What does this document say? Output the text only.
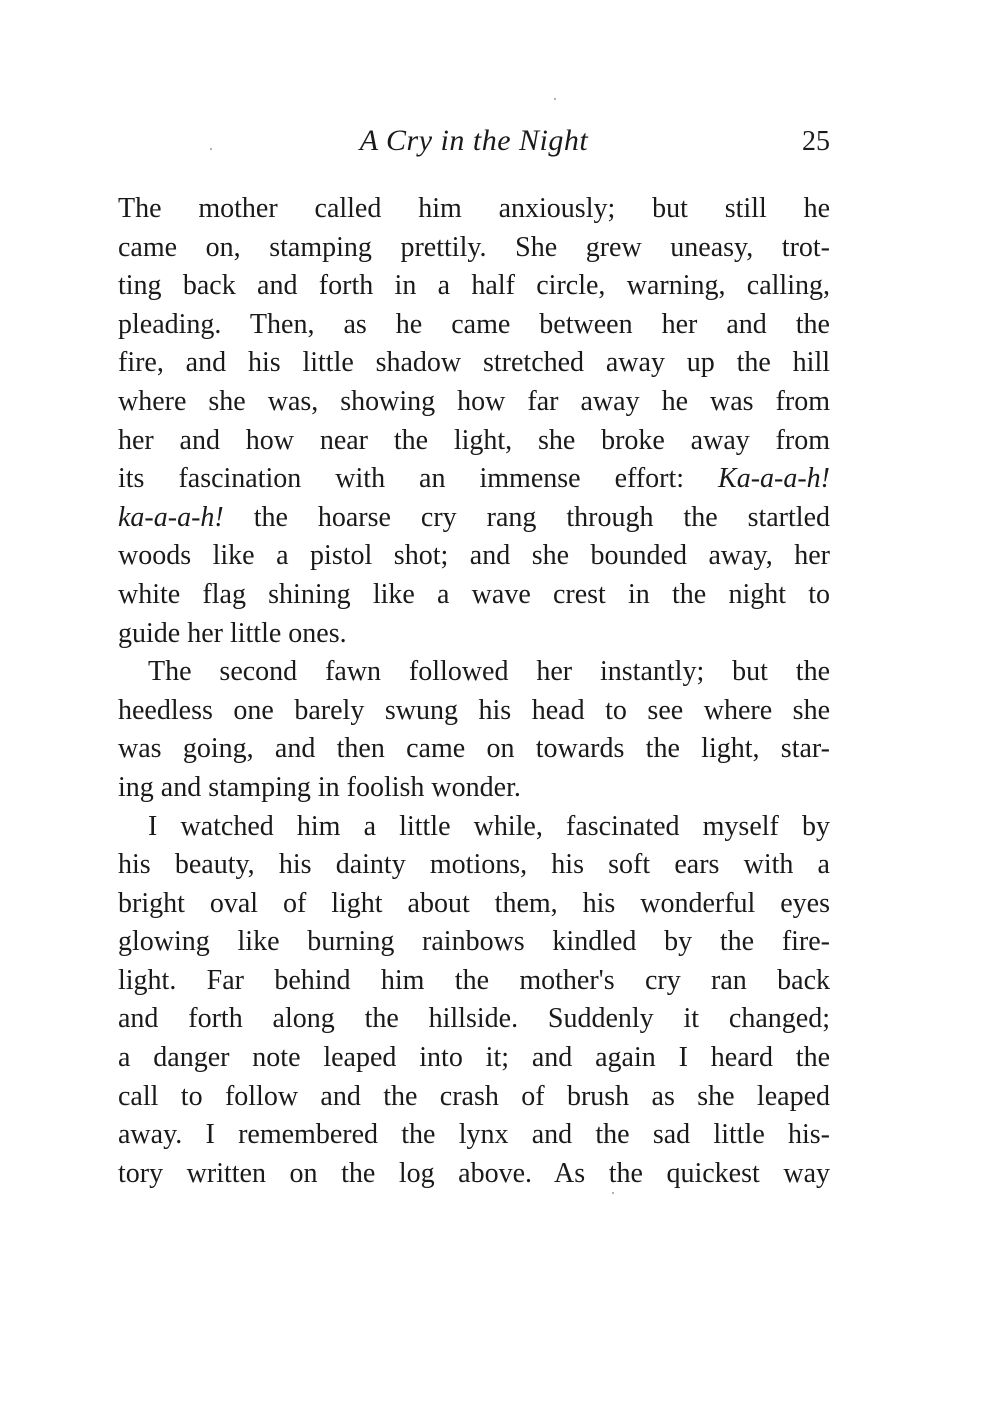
A Cry in the Night	25
The mother called him anxiously; but still he
came on, stamping prettily. She grew uneasy, trot-
ting back and forth in a half circle, warning, calling,
pleading. Then, as he came between her and the
fire, and his little shadow stretched away up the hill
where she was, showing how far away he was from
her and how near the light, she broke away from
its fascination with an immense effort: Ka-a-a-h!
ka-a-a-h! the hoarse cry rang through the startled
woods like a pistol shot; and she bounded away, her
white flag shining like a wave crest in the night to
guide her little ones.
The second fawn followed her instantly; but the
heedless one barely swung his head to see where she
was going, and then came on towards the light, star-
ing and stamping in foolish wonder.
I watched him a little while, fascinated myself by
his beauty, his dainty motions, his soft ears with a
bright oval of light about them, his wonderful eyes
glowing like burning rainbows kindled by the fire-
light. Far behind him the mother's cry ran back
and forth along the hillside. Suddenly it changed;
a danger note leaped into it; and again I heard the
call to follow and the crash of brush as she leaped
away. I remembered the lynx and the sad little his-
tory written on the log above. As the quickest way
